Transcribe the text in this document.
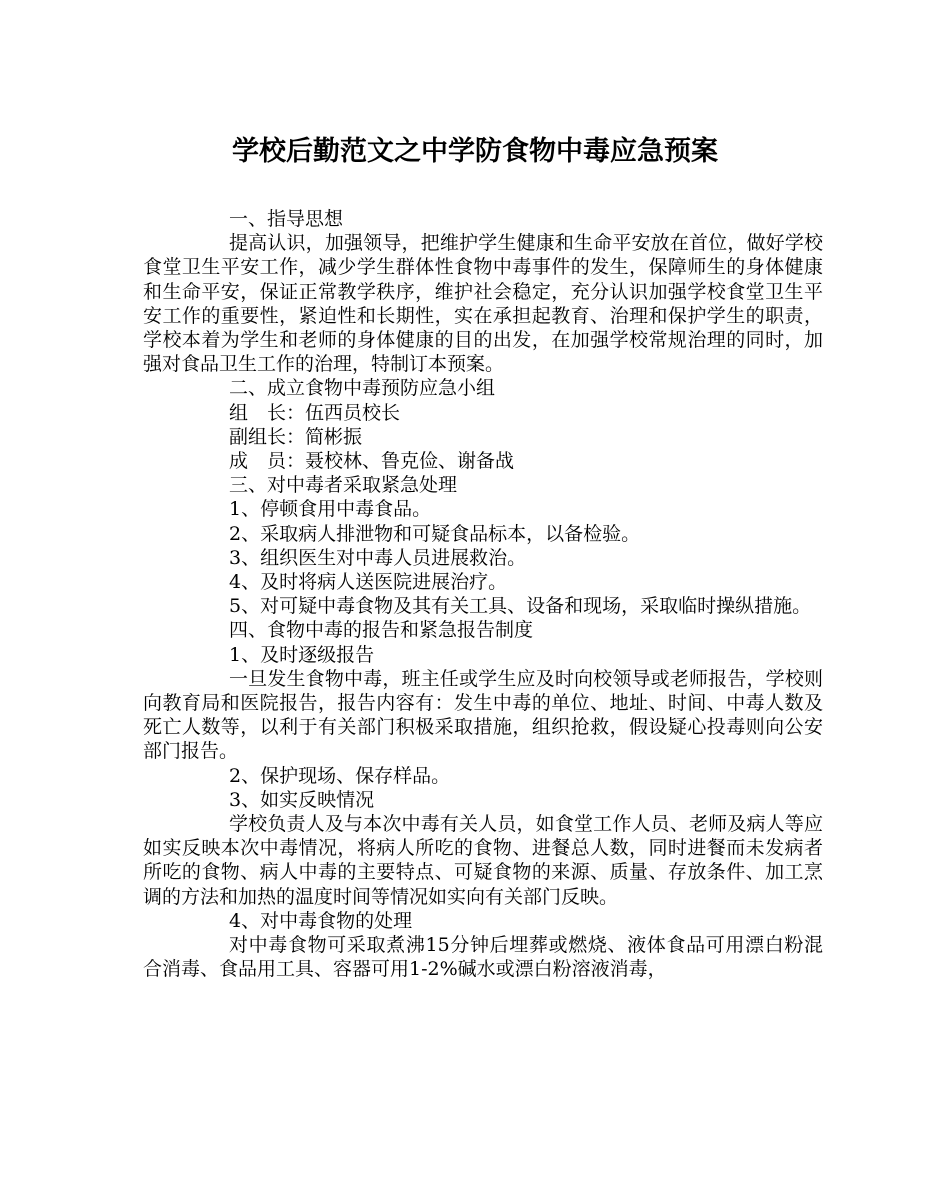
学校后勤范文之中学防食物中毒应急预案

一、指导思想

提高认识，加强领导，把维护学生健康和生命平安放在首位，做好学校食堂卫生平安工作，减少学生群体性食物中毒事件的发生，保障师生的身体健康和生命平安，保证正常教学秩序，维护社会稳定，充分认识加强学校食堂卫生平安工作的重要性，紧迫性和长期性，实在承担起教育、治理和保护学生的职责，学校本着为学生和老师的身体健康的目的出发，在加强学校常规治理的同时，加强对食品卫生工作的治理，特制订本预案。

二、成立食物中毒预防应急小组

组　长：伍西员校长

副组长：简彬振

成　员：聂校林、鲁克俭、谢备战

三、对中毒者采取紧急处理

1、停顿食用中毒食品。

2、采取病人排泄物和可疑食品标本，以备检验。

3、组织医生对中毒人员进展救治。

4、及时将病人送医院进展治疗。

5、对可疑中毒食物及其有关工具、设备和现场，采取临时操纵措施。

四、食物中毒的报告和紧急报告制度

1、及时逐级报告

一旦发生食物中毒，班主任或学生应及时向校领导或老师报告，学校则向教育局和医院报告，报告内容有：发生中毒的单位、地址、时间、中毒人数及死亡人数等，以利于有关部门积极采取措施，组织抢救，假设疑心投毒则向公安部门报告。

2、保护现场、保存样品。

3、如实反映情况

学校负责人及与本次中毒有关人员，如食堂工作人员、老师及病人等应如实反映本次中毒情况，将病人所吃的食物、进餐总人数，同时进餐而未发病者所吃的食物、病人中毒的主要特点、可疑食物的来源、质量、存放条件、加工烹调的方法和加热的温度时间等情况如实向有关部门反映。

4、对中毒食物的处理

对中毒食物可采取煮沸15分钟后埋葬或燃烧、液体食品可用漂白粉混合消毒、食品用工具、容器可用1-2%碱水或漂白粉溶液消毒，
